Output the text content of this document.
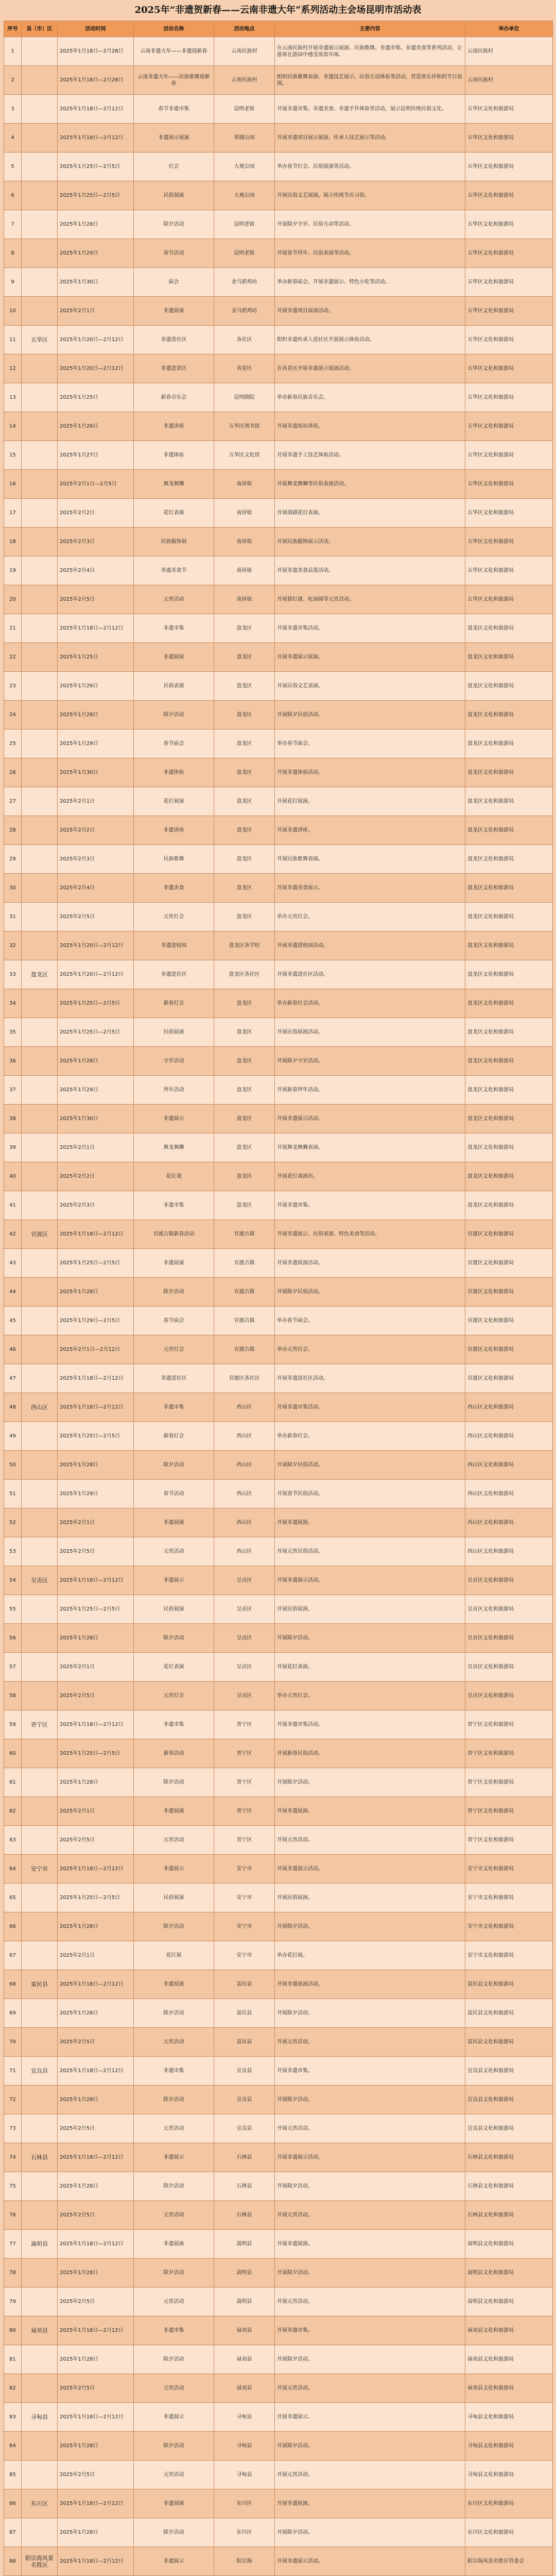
2025年“非遗贺新春——云南非遗大年”系列活动主会场昆明市活动表
序号	县（市）区	活动时间	活动名称	活动地点	主要内容	举办单位
1		2025年1月18日—2月28日	云南非遗大年——非遗迎新春	云南民族村	在云南民族村开展非遗展示展演、民族歌舞、非遗市集、非遗美食等系列活动，让游客在游园中感受浓浓年味。	云南民族村
2		2025年1月18日—2月28日	云南非遗大年——民族歌舞迎新春	云南民族村	组织民族歌舞表演、非遗技艺展示、民俗互动体验等活动，营造欢乐祥和的节日氛围。	云南民族村
3		2025年1月18日—2月12日	春节非遗市集	昆明老街	开展非遗市集、非遗美食、非遗手作体验等活动，展示昆明传统民俗文化。	五华区文化和旅游局
4		2025年1月18日—2月12日	非遗展示展演	翠湖公园	开展非遗项目展示展演、传承人技艺展示等活动。	五华区文化和旅游局
5		2025年1月25日—2月5日	灯会	大观公园	举办春节灯会、民俗展演等活动。	五华区文化和旅游局
6		2025年1月25日—2月5日	民俗展演	大观公园	开展民俗文艺展演，展示传统节庆习俗。	五华区文化和旅游局
7		2025年1月28日	除夕活动	昆明老街	开展除夕守岁、民俗互动等活动。	五华区文化和旅游局
8		2025年1月29日	春节活动	昆明老街	开展春节拜年、民俗表演等活动。	五华区文化和旅游局
9		2025年1月30日	庙会	金马碧鸡坊	举办新春庙会，开展非遗展示、特色小吃等活动。	五华区文化和旅游局
10		2025年2月1日	非遗展演	金马碧鸡坊	开展非遗项目展演活动。	五华区文化和旅游局
11	五华区	2025年1月20日—2月12日	非遗进社区	各社区	组织非遗传承人进社区开展展示体验活动。	五华区文化和旅游局
12		2025年1月20日—2月12日	非遗进景区	各景区	在各景区开展非遗展示展演活动。	五华区文化和旅游局
13		2025年1月25日	新春音乐会	昆明剧院	举办新春民族音乐会。	五华区文化和旅游局
14		2025年1月26日	非遗讲座	五华区图书馆	开展非遗知识讲座。	五华区文化和旅游局
15		2025年1月27日	非遗体验	五华区文化馆	开展非遗手工技艺体验活动。	五华区文化和旅游局
16		2025年2月1日—2月5日	舞龙舞狮	南屏街	开展舞龙舞狮等民俗表演活动。	五华区文化和旅游局
17		2025年2月2日	花灯表演	南屏街	开展滇剧花灯表演。	五华区文化和旅游局
18		2025年2月3日	民族服饰展	南屏街	开展民族服饰展示活动。	五华区文化和旅游局
19		2025年2月4日	非遗美食节	南屏街	开展非遗美食品鉴活动。	五华区文化和旅游局
20		2025年2月5日	元宵活动	南屏街	开展猜灯谜、吃汤圆等元宵活动。	五华区文化和旅游局
21		2025年1月18日—2月12日	非遗市集	盘龙区	开展非遗市集活动。	盘龙区文化和旅游局
22		2025年1月25日	非遗展演	盘龙区	开展非遗展示展演。	盘龙区文化和旅游局
23		2025年1月26日	民俗表演	盘龙区	开展民俗文艺表演。	盘龙区文化和旅游局
24		2025年1月28日	除夕活动	盘龙区	开展除夕民俗活动。	盘龙区文化和旅游局
25		2025年1月29日	春节庙会	盘龙区	举办春节庙会。	盘龙区文化和旅游局
26		2025年1月30日	非遗体验	盘龙区	开展非遗体验活动。	盘龙区文化和旅游局
27		2025年2月1日	花灯展演	盘龙区	开展花灯展演。	盘龙区文化和旅游局
28		2025年2月2日	非遗讲座	盘龙区	开展非遗讲座。	盘龙区文化和旅游局
29		2025年2月3日	民族歌舞	盘龙区	开展民族歌舞表演。	盘龙区文化和旅游局
30		2025年2月4日	非遗美食	盘龙区	开展非遗美食展示。	盘龙区文化和旅游局
31		2025年2月5日	元宵灯会	盘龙区	举办元宵灯会。	盘龙区文化和旅游局
32		2025年1月20日—2月12日	非遗进校园	盘龙区各学校	开展非遗进校园活动。	盘龙区文化和旅游局
33	盘龙区	2025年1月20日—2月12日	非遗进社区	盘龙区各社区	开展非遗进社区活动。	盘龙区文化和旅游局
34		2025年1月25日—2月5日	新春灯会	盘龙区	举办新春灯会活动。	盘龙区文化和旅游局
35		2025年1月25日—2月5日	民俗展演	盘龙区	开展民俗展演活动。	盘龙区文化和旅游局
36		2025年1月28日	守岁活动	盘龙区	开展除夕守岁活动。	盘龙区文化和旅游局
37		2025年1月29日	拜年活动	盘龙区	开展新春拜年活动。	盘龙区文化和旅游局
38		2025年1月30日	非遗展示	盘龙区	开展非遗展示活动。	盘龙区文化和旅游局
39		2025年2月1日	舞龙舞狮	盘龙区	开展舞龙舞狮表演。	盘龙区文化和旅游局
40		2025年2月2日	花灯戏	盘龙区	开展花灯戏演出。	盘龙区文化和旅游局
41		2025年2月3日	非遗市集	盘龙区	开展非遗市集。	盘龙区文化和旅游局
42	官渡区	2025年1月18日—2月12日	官渡古镇新春活动	官渡古镇	开展非遗展示、民俗表演、特色美食等活动。	官渡区文化和旅游局
43		2025年1月25日—2月5日	非遗展演	官渡古镇	开展非遗展演活动。	官渡区文化和旅游局
44		2025年1月28日	除夕活动	官渡古镇	开展除夕民俗活动。	官渡区文化和旅游局
45		2025年1月29日—2月5日	春节庙会	官渡古镇	举办春节庙会。	官渡区文化和旅游局
46		2025年2月1日—2月12日	元宵灯会	官渡古镇	举办元宵灯会。	官渡区文化和旅游局
47		2025年1月18日—2月12日	非遗进社区	官渡区各社区	开展非遗进社区活动。	官渡区文化和旅游局
48	西山区	2025年1月18日—2月12日	非遗市集	西山区	开展非遗市集活动。	西山区文化和旅游局
49		2025年1月25日—2月5日	新春灯会	西山区	举办新春灯会。	西山区文化和旅游局
50		2025年1月28日	除夕活动	西山区	开展除夕民俗活动。	西山区文化和旅游局
51		2025年1月29日	春节活动	西山区	开展春节民俗活动。	西山区文化和旅游局
52		2025年2月1日	非遗展演	西山区	开展非遗展演。	西山区文化和旅游局
53		2025年2月5日	元宵活动	西山区	开展元宵民俗活动。	西山区文化和旅游局
54	呈贡区	2025年1月18日—2月12日	非遗展示	呈贡区	开展非遗展示活动。	呈贡区文化和旅游局
55		2025年1月25日—2月5日	民俗展演	呈贡区	开展民俗展演。	呈贡区文化和旅游局
56		2025年1月28日	除夕活动	呈贡区	开展除夕活动。	呈贡区文化和旅游局
57		2025年2月1日	花灯表演	呈贡区	开展花灯表演。	呈贡区文化和旅游局
58		2025年2月5日	元宵灯会	呈贡区	举办元宵灯会。	呈贡区文化和旅游局
59	晋宁区	2025年1月18日—2月12日	非遗市集	晋宁区	开展非遗市集活动。	晋宁区文化和旅游局
60		2025年1月25日—2月5日	新春活动	晋宁区	开展新春民俗活动。	晋宁区文化和旅游局
61		2025年1月28日	除夕活动	晋宁区	开展除夕活动。	晋宁区文化和旅游局
62		2025年2月1日	非遗展演	晋宁区	开展非遗展演。	晋宁区文化和旅游局
63		2025年2月5日	元宵活动	晋宁区	开展元宵活动。	晋宁区文化和旅游局
64	安宁市	2025年1月18日—2月12日	非遗展示	安宁市	开展非遗展示活动。	安宁市文化和旅游局
65		2025年1月25日—2月5日	民俗展演	安宁市	开展民俗展演。	安宁市文化和旅游局
66		2025年1月28日	除夕活动	安宁市	开展除夕活动。	安宁市文化和旅游局
67		2025年2月1日	花灯展	安宁市	举办花灯展。	安宁市文化和旅游局
68	富民县	2025年1月18日—2月12日	非遗展演	富民县	开展非遗展演活动。	富民县文化和旅游局
69		2025年1月28日	除夕活动	富民县	开展除夕活动。	富民县文化和旅游局
70		2025年2月5日	元宵活动	富民县	开展元宵活动。	富民县文化和旅游局
71	宜良县	2025年1月18日—2月12日	非遗市集	宜良县	开展非遗市集。	宜良县文化和旅游局
72		2025年1月28日	除夕活动	宜良县	开展除夕活动。	宜良县文化和旅游局
73		2025年2月5日	元宵活动	宜良县	开展元宵活动。	宜良县文化和旅游局
74	石林县	2025年1月18日—2月12日	非遗展示	石林县	开展非遗展示活动。	石林县文化和旅游局
75		2025年1月28日	除夕活动	石林县	开展除夕活动。	石林县文化和旅游局
76		2025年2月5日	元宵活动	石林县	开展元宵活动。	石林县文化和旅游局
77	嵩明县	2025年1月18日—2月12日	非遗展演	嵩明县	开展非遗展演。	嵩明县文化和旅游局
78		2025年1月28日	除夕活动	嵩明县	开展除夕活动。	嵩明县文化和旅游局
79		2025年2月5日	元宵活动	嵩明县	开展元宵活动。	嵩明县文化和旅游局
80	禄劝县	2025年1月18日—2月12日	非遗市集	禄劝县	开展非遗市集。	禄劝县文化和旅游局
81		2025年1月28日	除夕活动	禄劝县	开展除夕活动。	禄劝县文化和旅游局
82		2025年2月5日	元宵活动	禄劝县	开展元宵活动。	禄劝县文化和旅游局
83	寻甸县	2025年1月18日—2月12日	非遗展示	寻甸县	开展非遗展示。	寻甸县文化和旅游局
84		2025年1月28日	除夕活动	寻甸县	开展除夕活动。	寻甸县文化和旅游局
85		2025年2月5日	元宵活动	寻甸县	开展元宵活动。	寻甸县文化和旅游局
86	东川区	2025年1月18日—2月12日	非遗展演	东川区	开展非遗展演。	东川区文化和旅游局
87		2025年1月28日	除夕活动	东川区	开展除夕活动。	东川区文化和旅游局
88	阳宗海风景名胜区	2025年1月18日—2月12日	非遗展示	阳宗海	开展非遗展示活动。	阳宗海风景名胜区管委会
